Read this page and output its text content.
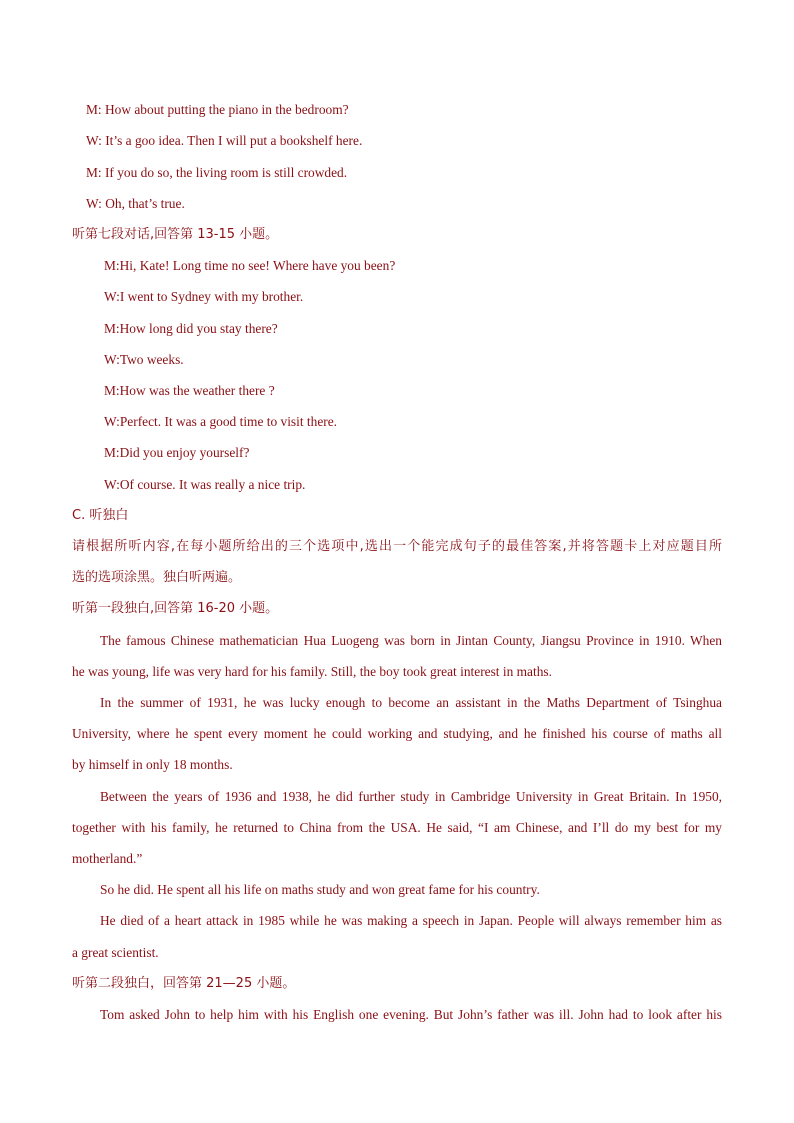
M: How about putting the piano in the bedroom?
W: It’s a goo idea. Then I will put a bookshelf here.
M: If you do so, the living room is still crowded.
W: Oh, that’s true.
听第七段对话,回答第 13-15 小题。
M:Hi, Kate! Long time no see! Where have you been?
W:I went to Sydney with my brother.
M:How long did you stay there?
W:Two weeks.
M:How was the weather there ?
W:Perfect. It was a good time to visit there.
M:Did you enjoy yourself?
W:Of course. It was really a nice trip.
C. 听独白
请根据所听内容,在每小题所给出的三个选项中,选出一个能完成句子的最佳答案,并将答题卡上对应题目所
选的选项涂黑。独白听两遍。
听第一段独白,回答第 16-20 小题。
The famous Chinese mathematician Hua Luogeng was born in Jintan County, Jiangsu Province in 1910. When
he was young, life was very hard for his family. Still, the boy took great interest in maths.
In the summer of 1931, he was lucky enough to become an assistant in the Maths Department of Tsinghua
University, where he spent every moment he could working and studying, and he finished his course of maths all
by himself in only 18 months.
Between the years of 1936 and 1938, he did further study in Cambridge University in Great Britain. In 1950,
together with his family, he returned to China from the USA. He said, “I am Chinese, and I’ll do my best for my
motherland.”
So he did. He spent all his life on maths study and won great fame for his country.
He died of a heart attack in 1985 while he was making a speech in Japan. People will always remember him as
a great scientist.
听第二段独白，回答第 21—25 小题。
Tom asked John to help him with his English one evening. But John’s father was ill. John had to look after his
